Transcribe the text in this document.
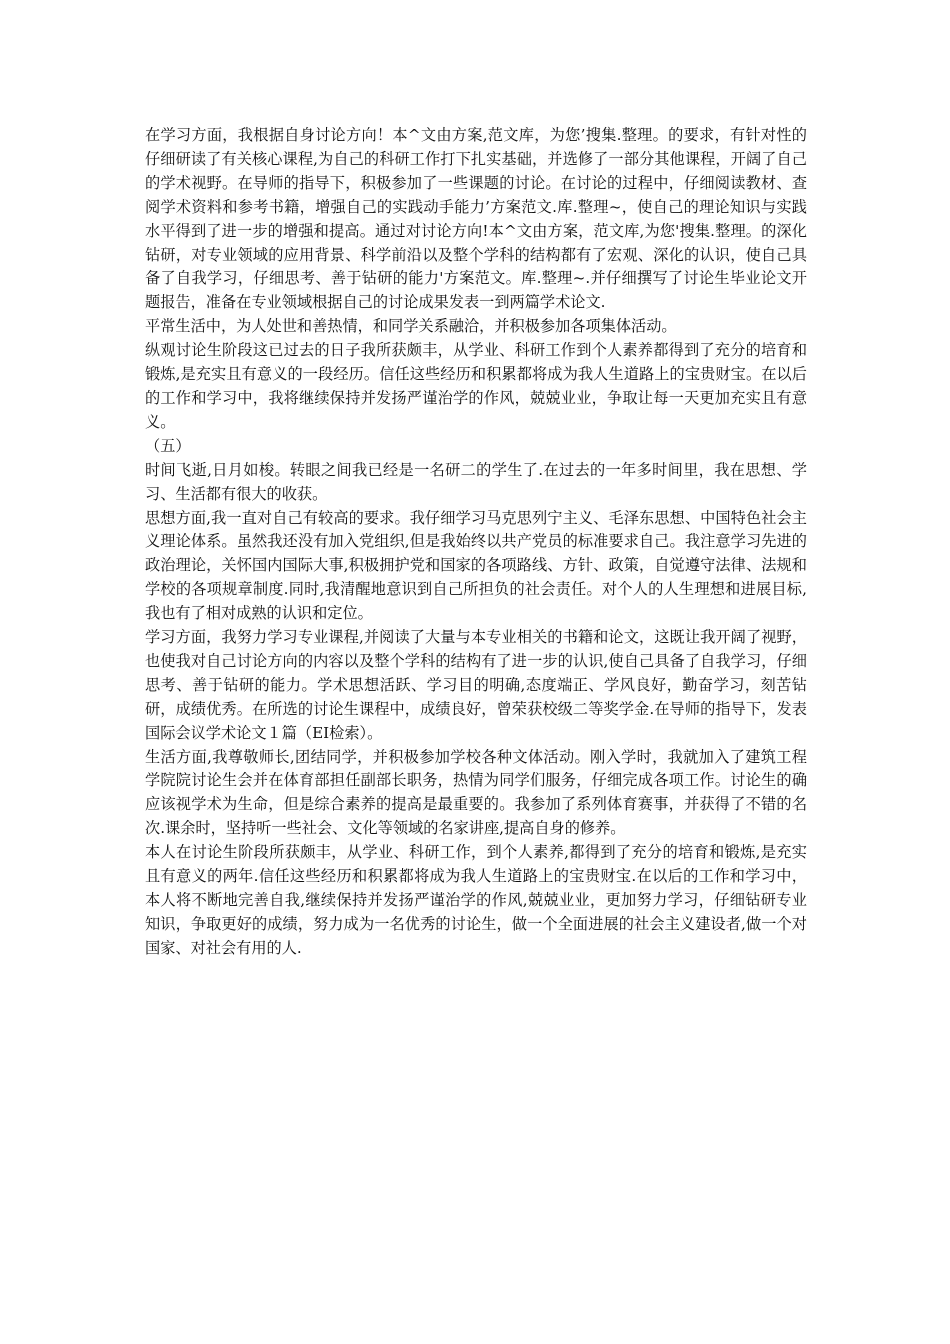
在学习方面，我根据自身讨论方向！本^文由方案,范文库，为您’搜集.整理。的要求，有针对性的仔细研读了有关核心课程,为自己的科研工作打下扎实基础，并选修了一部分其他课程，开阔了自己的学术视野。在导师的指导下，积极参加了一些课题的讨论。在讨论的过程中，仔细阅读教材、查阅学术资料和参考书籍，增强自己的实践动手能力’方案范文.库.整理~，使自己的理论知识与实践水平得到了进一步的增强和提高。通过对讨论方向!本^文由方案，范文库,为您'搜集.整理。的深化钻研，对专业领域的应用背景、科学前沿以及整个学科的结构都有了宏观、深化的认识，使自己具备了自我学习，仔细思考、善于钻研的能力'方案范文。库.整理~.并仔细撰写了讨论生毕业论文开题报告，准备在专业领域根据自己的讨论成果发表一到两篇学术论文.

平常生活中，为人处世和善热情，和同学关系融洽，并积极参加各项集体活动。

纵观讨论生阶段这已过去的日子我所获颇丰，从学业、科研工作到个人素养都得到了充分的培育和锻炼,是充实且有意义的一段经历。信任这些经历和积累都将成为我人生道路上的宝贵财宝。在以后的工作和学习中，我将继续保持并发扬严谨治学的作风，兢兢业业，争取让每一天更加充实且有意义。

（五）

时间飞逝,日月如梭。转眼之间我已经是一名研二的学生了.在过去的一年多时间里，我在思想、学习、生活都有很大的收获。

思想方面,我一直对自己有较高的要求。我仔细学习马克思列宁主义、毛泽东思想、中国特色社会主义理论体系。虽然我还没有加入党组织,但是我始终以共产党员的标准要求自己。我注意学习先进的政治理论，关怀国内国际大事,积极拥护党和国家的各项路线、方针、政策，自觉遵守法律、法规和学校的各项规章制度.同时,我清醒地意识到自己所担负的社会责任。对个人的人生理想和进展目标,我也有了相对成熟的认识和定位。

学习方面，我努力学习专业课程,并阅读了大量与本专业相关的书籍和论文，这既让我开阔了视野，也使我对自己讨论方向的内容以及整个学科的结构有了进一步的认识,使自己具备了自我学习，仔细思考、善于钻研的能力。学术思想活跃、学习目的明确,态度端正、学风良好，勤奋学习，刻苦钻研，成绩优秀。在所选的讨论生课程中，成绩良好，曾荣获校级二等奖学金.在导师的指导下，发表国际会议学术论文１篇（EI检索）。

生活方面,我尊敬师长,团结同学，并积极参加学校各种文体活动。刚入学时，我就加入了建筑工程学院院讨论生会并在体育部担任副部长职务，热情为同学们服务，仔细完成各项工作。讨论生的确应该视学术为生命，但是综合素养的提高是最重要的。我参加了系列体育赛事，并获得了不错的名次.课余时，坚持听一些社会、文化等领域的名家讲座,提高自身的修养。

本人在讨论生阶段所获颇丰，从学业、科研工作，到个人素养,都得到了充分的培育和锻炼,是充实且有意义的两年.信任这些经历和积累都将成为我人生道路上的宝贵财宝.在以后的工作和学习中，本人将不断地完善自我,继续保持并发扬严谨治学的作风,兢兢业业，更加努力学习，仔细钻研专业知识，争取更好的成绩，努力成为一名优秀的讨论生，做一个全面进展的社会主义建设者,做一个对国家、对社会有用的人.
